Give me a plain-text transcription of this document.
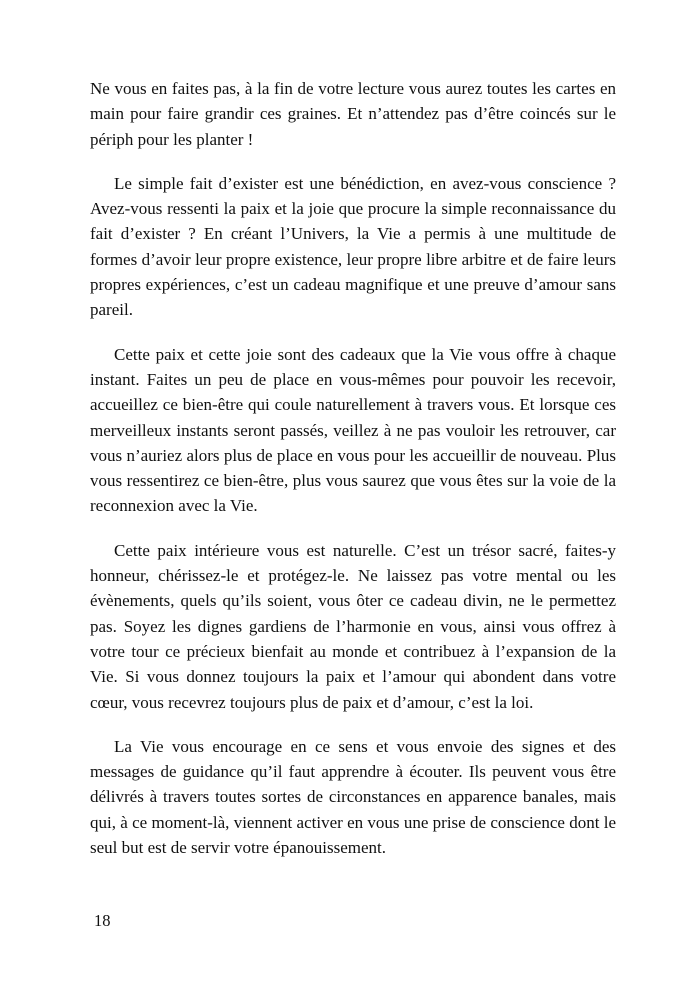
Ne vous en faites pas, à la fin de votre lecture vous aurez toutes les cartes en main pour faire grandir ces graines. Et n’attendez pas d’être coincés sur le périph pour les planter !

Le simple fait d’exister est une bénédiction, en avez-vous conscience ? Avez-vous ressenti la paix et la joie que procure la simple reconnaissance du fait d’exister ? En créant l’Univers, la Vie a permis à une multitude de formes d’avoir leur propre existence, leur propre libre arbitre et de faire leurs propres expériences, c’est un cadeau magnifique et une preuve d’amour sans pareil.

Cette paix et cette joie sont des cadeaux que la Vie vous offre à chaque instant. Faites un peu de place en vous-mêmes pour pouvoir les recevoir, accueillez ce bien-être qui coule naturellement à travers vous. Et lorsque ces merveilleux instants seront passés, veillez à ne pas vouloir les retrouver, car vous n’auriez alors plus de place en vous pour les accueillir de nouveau. Plus vous ressentirez ce bien-être, plus vous saurez que vous êtes sur la voie de la reconnexion avec la Vie.

Cette paix intérieure vous est naturelle. C’est un trésor sacré, faites-y honneur, chérissez-le et protégez-le. Ne laissez pas votre mental ou les évènements, quels qu’ils soient, vous ôter ce cadeau divin, ne le permettez pas. Soyez les dignes gardiens de l’harmonie en vous, ainsi vous offrez à votre tour ce précieux bienfait au monde et contribuez à l’expansion de la Vie. Si vous donnez toujours la paix et l’amour qui abondent dans votre cœur, vous recevrez toujours plus de paix et d’amour, c’est la loi.

La Vie vous encourage en ce sens et vous envoie des signes et des messages de guidance qu’il faut apprendre à écouter. Ils peuvent vous être délivrés à travers toutes sortes de circonstances en apparence banales, mais qui, à ce moment-là, viennent activer en vous une prise de conscience dont le seul but est de servir votre épanouissement.

18
